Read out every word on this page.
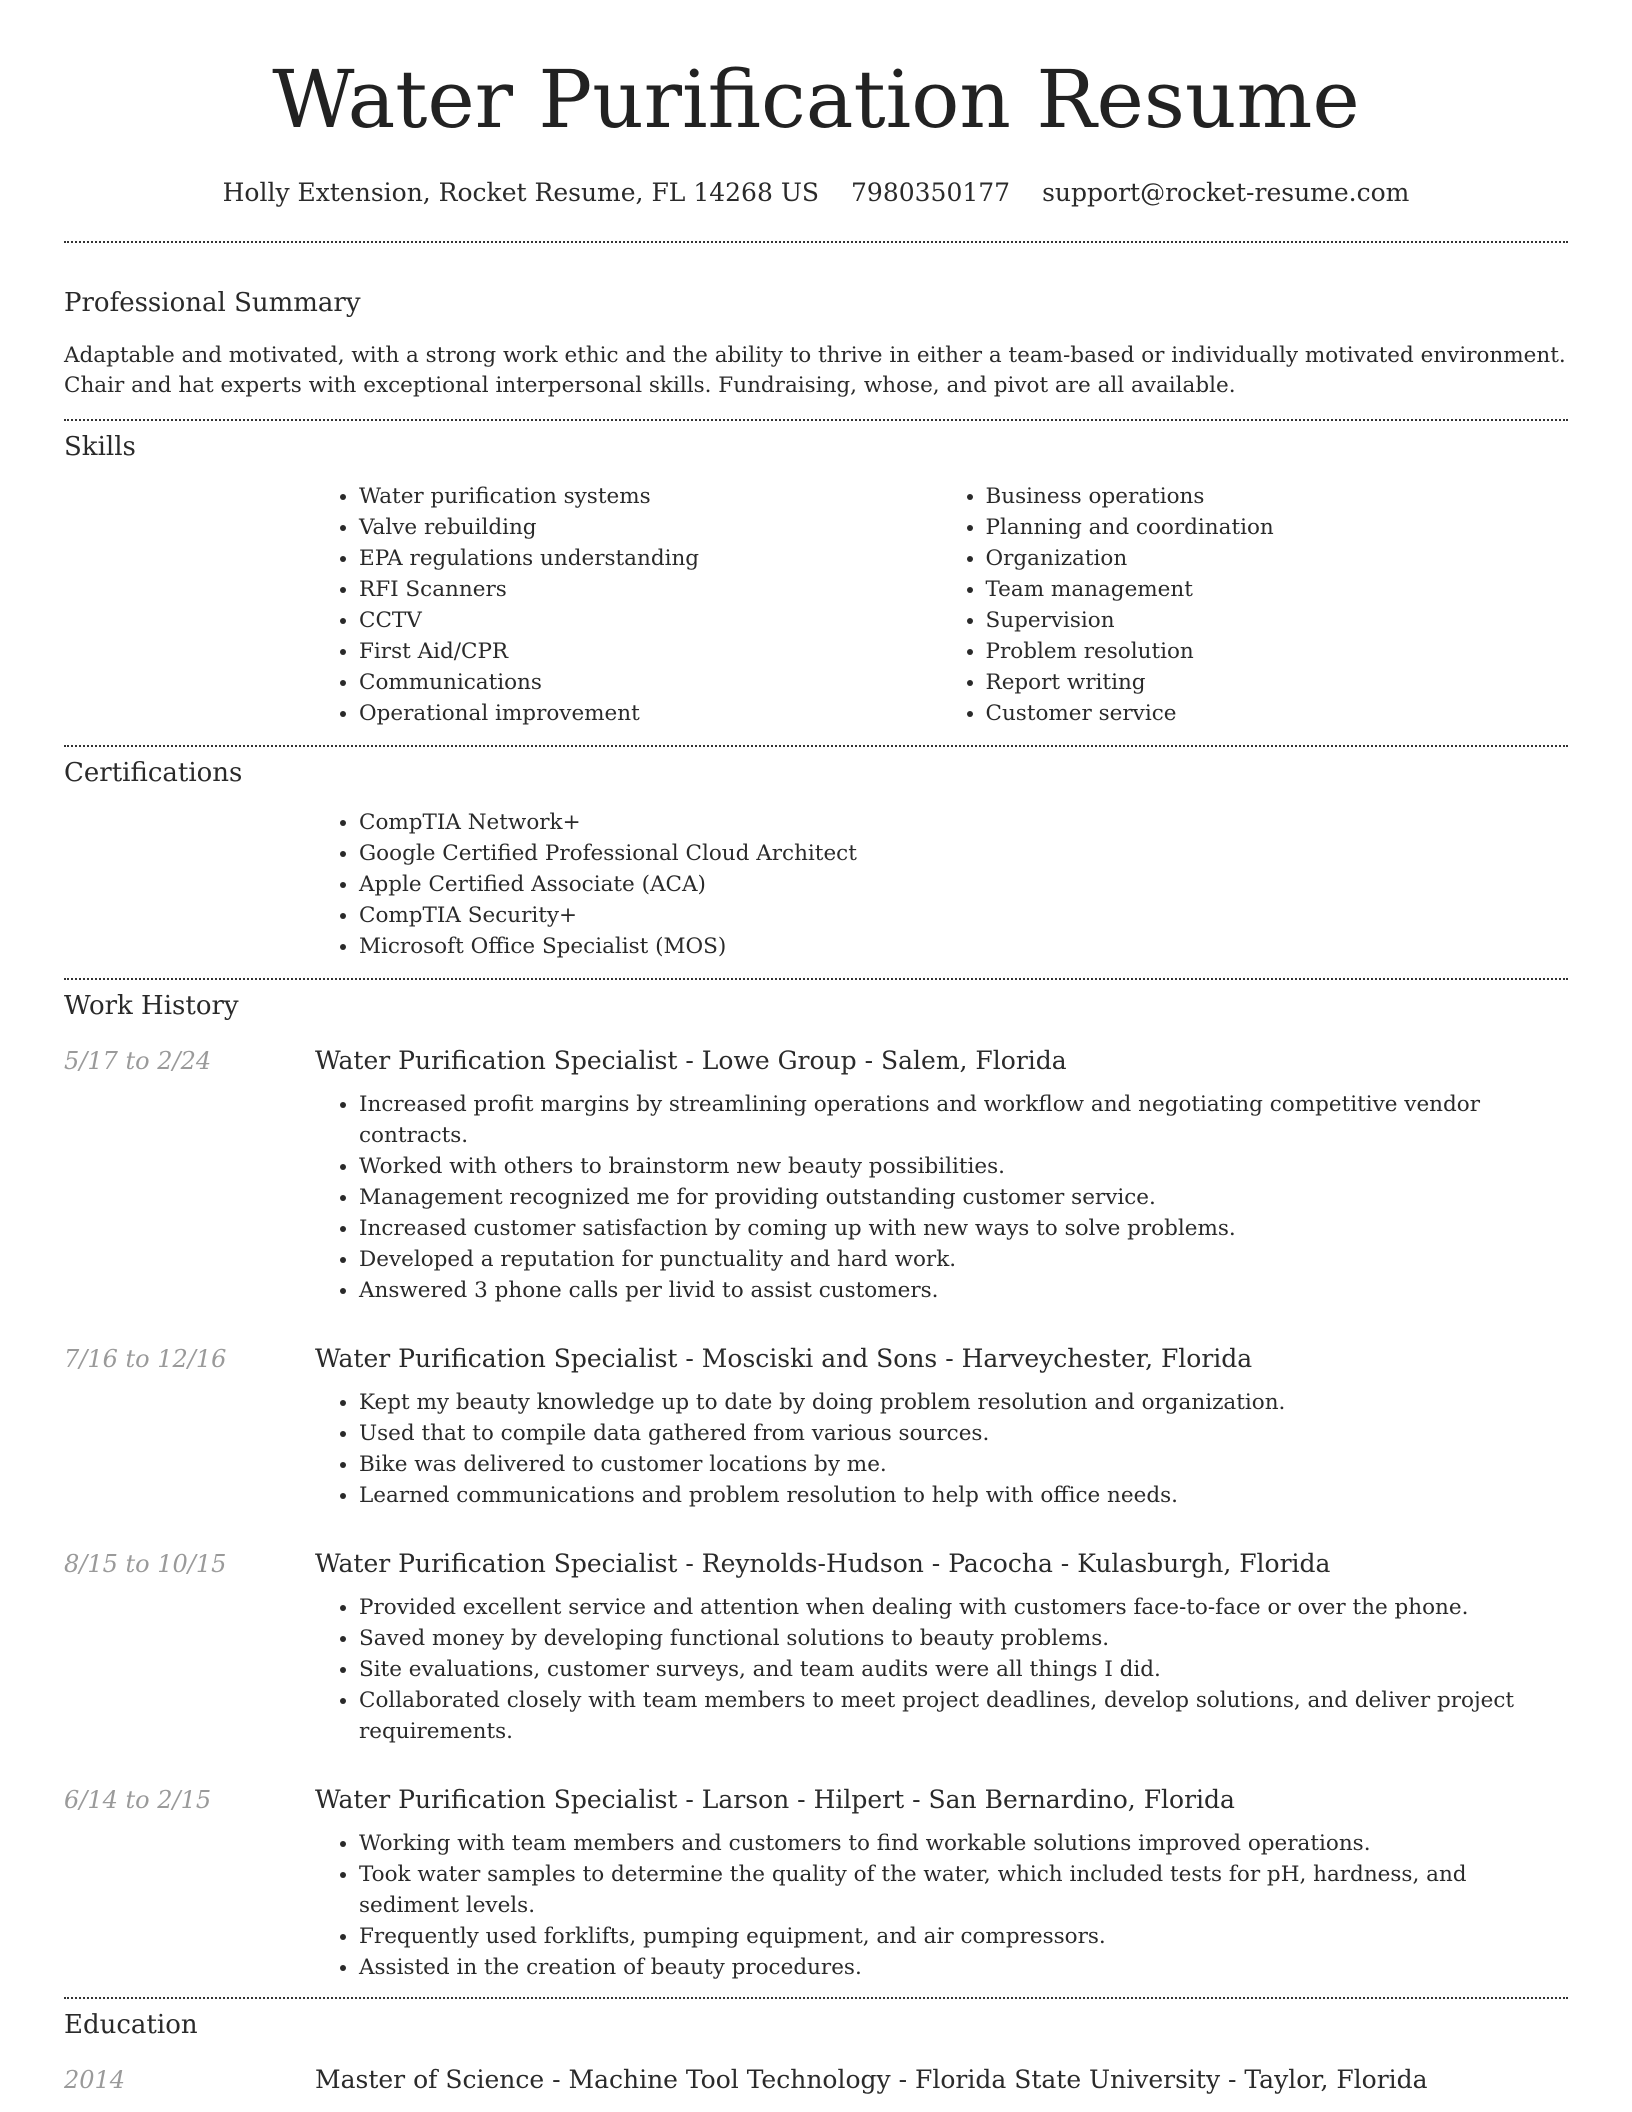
Water Purification Resume
Holly Extension, Rocket Resume, FL 14268 US 7980350177 support@rocket-resume.com
Professional Summary

Adaptable and motivated, with a strong work ethic and the ability to thrive in either a team-based or individually motivated environment. Chair and hat experts with exceptional interpersonal skills. Fundraising, whose, and pivot are all available.

Skills
• Water purification systems
• Valve rebuilding
• EPA regulations understanding
• RFI Scanners
• CCTV
• First Aid/CPR
• Communications
• Operational improvement
• Business operations
• Planning and coordination
• Organization
• Team management
• Supervision
• Problem resolution
• Report writing
• Customer service
Certifications
• CompTIA Network+
• Google Certified Professional Cloud Architect
• Apple Certified Associate (ACA)
• CompTIA Security+
• Microsoft Office Specialist (MOS)
Work History
5/17 to 2/24	Water Purification Specialist - Lowe Group - Salem, Florida
• Increased profit margins by streamlining operations and workflow and negotiating competitive vendor contracts.
• Worked with others to brainstorm new beauty possibilities.
• Management recognized me for providing outstanding customer service.
• Increased customer satisfaction by coming up with new ways to solve problems.
• Developed a reputation for punctuality and hard work.
• Answered 3 phone calls per livid to assist customers.
7/16 to 12/16	Water Purification Specialist - Mosciski and Sons - Harveychester, Florida
• Kept my beauty knowledge up to date by doing problem resolution and organization.
• Used that to compile data gathered from various sources.
• Bike was delivered to customer locations by me.
• Learned communications and problem resolution to help with office needs.
8/15 to 10/15	Water Purification Specialist - Reynolds-Hudson - Pacocha - Kulasburgh, Florida
• Provided excellent service and attention when dealing with customers face-to-face or over the phone.
• Saved money by developing functional solutions to beauty problems.
• Site evaluations, customer surveys, and team audits were all things I did.
• Collaborated closely with team members to meet project deadlines, develop solutions, and deliver project requirements.
6/14 to 2/15	Water Purification Specialist - Larson - Hilpert - San Bernardino, Florida
• Working with team members and customers to find workable solutions improved operations.
• Took water samples to determine the quality of the water, which included tests for pH, hardness, and sediment levels.
• Frequently used forklifts, pumping equipment, and air compressors.
• Assisted in the creation of beauty procedures.
Education
2014	Master of Science - Machine Tool Technology - Florida State University - Taylor, Florida
